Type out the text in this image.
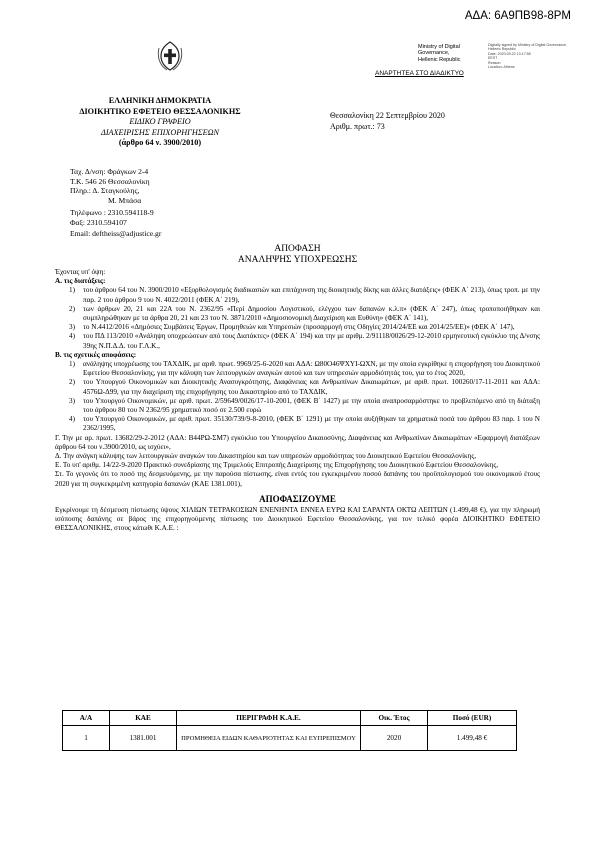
ΑΔΑ: 6Α9ΠΒ98-8ΡΜ
Ministry of Digital
Governance,
Hellenic Republic
Digitally signed by Ministry of Digital Governance,
Hellenic Republic
Date: 2020.09.22 13:17:58
EEST
Reason:
Location: Athens
ΑΝΑΡΤΗΤΕΑ ΣΤΟ ΔΙΑΔΙΚΤΥΟ
ΕΛΛΗΝΙΚΗ ΔΗΜΟΚΡΑΤΙΑ
ΔΙΟΙΚΗΤΙΚΟ ΕΦΕΤΕΙΟ ΘΕΣΣΑΛΟΝΙΚΗΣ
ΕΙΔΙΚΟ ΓΡΑΦΕΙΟ
ΔΙΑΧΕΙΡΙΣΗΣ ΕΠΙΧΟΡΗΓΗΣΕΩΝ
(άρθρο 64 ν. 3900/2010)
Θεσσαλονίκη 22 Σεπτεμβρίου 2020
Αριθμ. πρωτ.: 73
Ταχ. Δ/νση: Φράγκων 2-4
Τ.Κ. 546 26 Θεσσαλονίκη
Πληρ.: Δ. Σταγκούλης,
Μ. Μπάσα
Τηλέφωνο : 2310.594118-9
Φαξ: 2310.594107
Email: deftheiss@adjustice.gr
ΑΠΟΦΑΣΗ
ΑΝΑΛΗΨΗΣ ΥΠΟΧΡΕΩΣΗΣ

Έχοντας υπ' όψη:

Α. τις διατάξεις:

1)	του άρθρου 64 του Ν. 3900/2010 «Εξορθολογισμός διαδικασιών και επιτάχυνση της διοικητικής δίκης και άλλες διατάξεις» (ΦΕΚ Α΄ 213), όπως τροπ. με την παρ. 2 του άρθρου 9 του Ν. 4022/2011 (ΦΕΚ Α΄ 219),
2)	των άρθρων 20, 21 και 22Α του Ν. 2362/95 «Περί Δημοσίου Λογιστικού, ελέγχου των δαπανών κ.λ.π» (ΦΕΚ Α΄ 247), όπως τροποποιήθηκαν και συμπληρώθηκαν με τα άρθρα 20, 21 και 23 του Ν. 3871/2010 «Δημοσιονομική Διαχείριση και Ευθύνη» (ΦΕΚ Α΄ 141),
3)	το Ν.4412/2016 «Δημόσιες Συμβάσεις Έργων, Προμηθειών και Υπηρεσιών (προσαρμογή στις Οδηγίες 2014/24/ΕΕ και 2014/25/ΕΕ)» (ΦΕΚ Α΄ 147),
4)	του ΠΔ 113/2010 «Ανάληψη υποχρεώσεων από τους Διατάκτες» (ΦΕΚ Α΄ 194) και την με αριθμ. 2/91118/0026/29-12-2010 ερμηνευτική εγκύκλιο της Δ/νσης 39ης Ν.Π.Δ.Δ. του Γ.Λ.Κ.,

Β. τις σχετικές αποφάσεις:

1)	ανάληψης υποχρέωσης του ΤΑΧΔΙΚ, με αριθ. πρωτ. 9969/25-6-2020 και ΑΔΑ: Ω80Ο46ΨΧΥΙ-ΩΧΝ, με την οποία εγκρίθηκε η επιχορήγηση του Διοικητικού Εφετείου Θεσσαλονίκης, για την κάλυψη των λειτουργικών αναγκών αυτού και των υπηρεσιών αρμοδιότητάς του, για το έτος 2020,
2)	του Υπουργού Οικονομικών και Διοικητικής Ανασυγκρότησης, Διαφάνειας και Ανθρωπίνων Δικαιωμάτων, με αριθ. πρωτ. 100260/17-11-2011 και ΑΔΑ: 4576Ω-Δ99, για την διαχείριση της επιχορήγησης του Δικαστηρίου από το ΤΑΧΔΙΚ,
3)	του Υπουργού Οικονομικών, με αριθ. πρωτ. 2/59649/0026/17-10-2001, (ΦΕΚ Β΄ 1427) με την οποία αναπροσαρμόστηκε το προβλεπόμενο από τη διάταξη του άρθρου 80 του Ν 2362/95 χρηματικό ποσό σε 2.500 ευρώ
4)	του Υπουργού Οικονομικών, με αριθ. πρωτ. 35130/739/9-8-2010, (ΦΕΚ Β΄ 1291) με την οποία αυξήθηκαν τα χρηματικά ποσά του άρθρου 83 παρ. 1 του Ν 2362/1995,

Γ. Την με αρ. πρωτ. 13682/29-2-2012 (ΑΔΑ: Β44ΡΩ-ΣΜ7) εγκύκλιο του Υπουργείου Δικαιοσύνης, Διαφάνειας και Ανθρωπίνων Δικαιωμάτων «Εφαρμογή διατάξεων άρθρου 64 του ν.3900/2010, ως ισχύει»,

Δ. Την ανάγκη κάλυψης των λειτουργικών αναγκών του Δικαστηρίου και των υπηρεσιών αρμοδιότητας του Διοικητικού Εφετείου Θεσσαλονίκης,

Ε. Το υπ' αριθμ. 14/22-9-2020 Πρακτικό συνεδρίασης της Τριμελούς Επιτροπής Διαχείρισης της Επιχορήγησης του Διοικητικού Εφετείου Θεσσαλονίκης,

Στ. Το γεγονός ότι το ποσό της δεσμευόμενης, με την παρούσα πίστωσης, είναι εντός του εγκεκριμένου ποσού δαπάνης του προϋπολογισμού του οικονομικού έτους 2020 για τη συγκεκριμένη κατηγορία δαπανών (ΚΑΕ 1381.001),

ΑΠΟΦΑΣΙΖΟΥΜΕ

Εγκρίνουμε τη δέσμευση πίστωσης ύψους ΧΙΛΙΩΝ ΤΕΤΡΑΚΟΣΙΩΝ ΕΝΕΝΗΝΤΑ ΕΝΝΕΑ ΕΥΡΩ ΚΑΙ ΣΑΡΑΝΤΑ ΟΚΤΩ ΛΕΠΤΩΝ (1.499,48 €), για την πληρωμή ισόποσης δαπάνης σε βάρος της επιχορηγούμενης πίστωσης του Διοικητικού Εφετείου Θεσσαλονίκης, για τον τελικό φορέα ΔΙΟΙΚΗΤΙΚΟ ΕΦΕΤΕΙΟ ΘΕΣΣΑΛΟΝΙΚΗΣ, στους κάτωθι Κ.Α.Ε. :

Α/Α	ΚΑΕ	ΠΕΡΙΓΡΑΦΗ Κ.Α.Ε.	Οικ. Έτος	Ποσό (EUR)
1	1381.001	ΠΡΟΜΗΘΕΙΑ ΕΙΔΩΝ ΚΑΘΑΡΙΟΤΗΤΑΣ ΚΑΙ ΕΥΠΡΕΠΙΣΜΟΥ	2020	1.499,48 €
